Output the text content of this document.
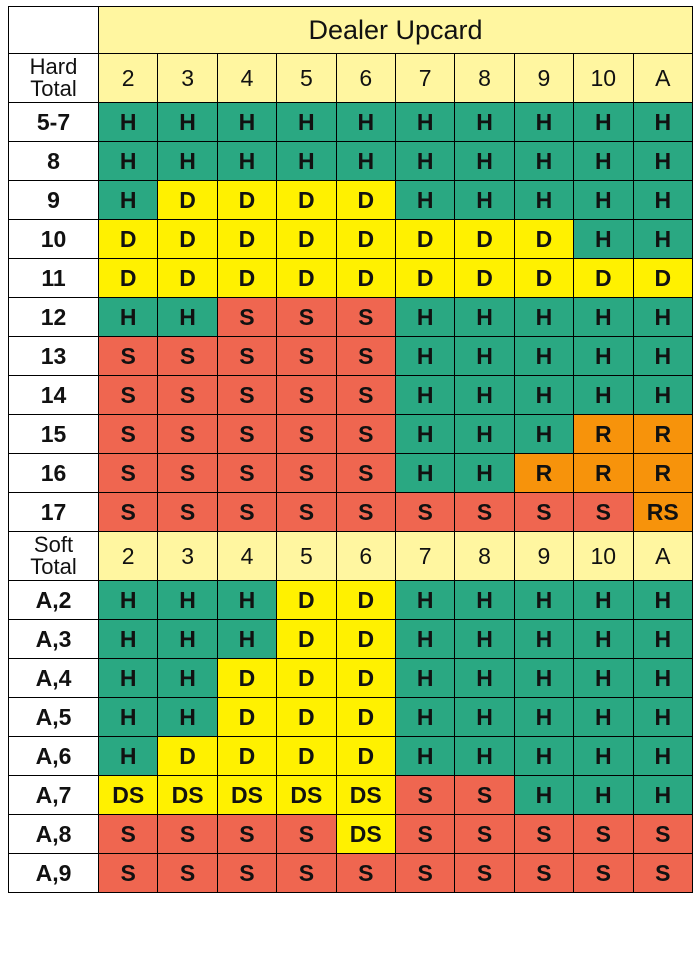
	Dealer Upcard									

Hard
Total	2	3	4	5	6	7	8	9	10	A
5-7	H	H	H	H	H	H	H	H	H	H
8	H	H	H	H	H	H	H	H	H	H
9	H	D	D	D	D	H	H	H	H	H
10	D	D	D	D	D	D	D	D	H	H
11	D	D	D	D	D	D	D	D	D	D
12	H	H	S	S	S	H	H	H	H	H
13	S	S	S	S	S	H	H	H	H	H
14	S	S	S	S	S	H	H	H	H	H
15	S	S	S	S	S	H	H	H	R	R
16	S	S	S	S	S	H	H	R	R	R
17	S	S	S	S	S	S	S	S	S	RS

Soft
Total	2	3	4	5	6	7	8	9	10	A
A,2	H	H	H	D	D	H	H	H	H	H
A,3	H	H	H	D	D	H	H	H	H	H
A,4	H	H	D	D	D	H	H	H	H	H
A,5	H	H	D	D	D	H	H	H	H	H
A,6	H	D	D	D	D	H	H	H	H	H
A,7	DS	DS	DS	DS	DS	S	S	H	H	H
A,8	S	S	S	S	DS	S	S	S	S	S
A,9	S	S	S	S	S	S	S	S	S	S
